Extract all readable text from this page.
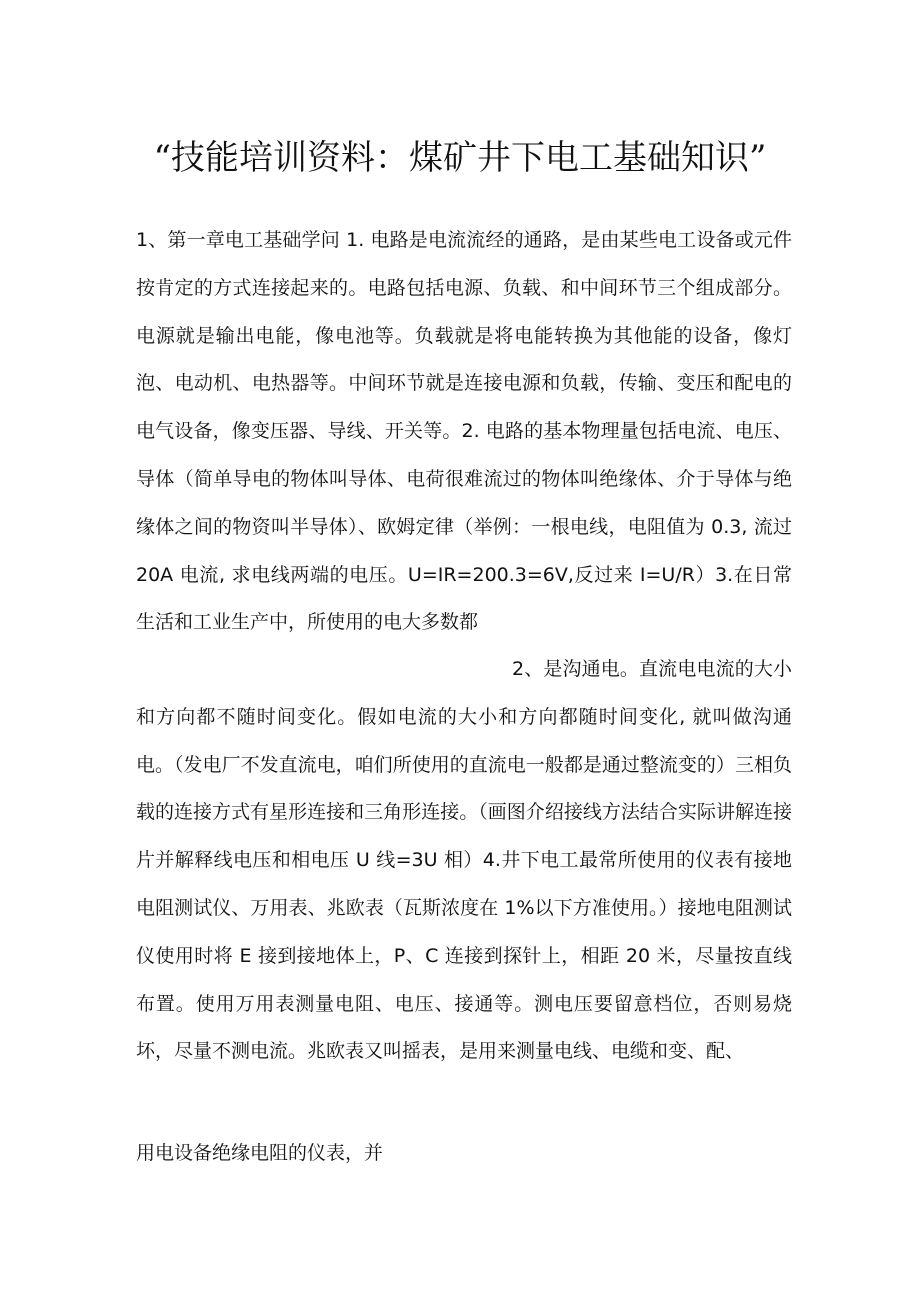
“技能培训资料：煤矿井下电工基础知识”

1、第一章电工基础学问 1. 电路是电流流经的通路，是由某些电工设备或元件按肯定的方式连接起来的。电路包括电源、负载、和中间环节三个组成部分。电源就是输出电能，像电池等。负载就是将电能转换为其他能的设备，像灯泡、电动机、电热器等。中间环节就是连接电源和负载，传输、变压和配电的电气设备，像变压器、导线、开关等。2. 电路的基本物理量包括电流、电压、导体（简单导电的物体叫导体、电荷很难流过的物体叫绝缘体、介于导体与绝缘体之间的物资叫半导体）、欧姆定律（举例：一根电线，电阻值为 0.3, 流过 20A 电流, 求电线两端的电压。U=IR=200.3=6V,反过来 I=U/R）3.在日常生活和工业生产中，所使用的电大多数都

2、是沟通电。直流电电流的大小和方向都不随时间变化。假如电流的大小和方向都随时间变化, 就叫做沟通电。（发电厂不发直流电，咱们所使用的直流电一般都是通过整流变的）三相负载的连接方式有星形连接和三角形连接。（画图介绍接线方法结合实际讲解连接片并解释线电压和相电压 U 线=3U 相）4.井下电工最常所使用的仪表有接地电阻测试仪、万用表、兆欧表（瓦斯浓度在 1%以下方准使用。）接地电阻测试仪使用时将 E 接到接地体上，P、C 连接到探针上，相距 20 米，尽量按直线布置。使用万用表测量电阻、电压、接通等。测电压要留意档位，否则易烧坏，尽量不测电流。兆欧表又叫摇表，是用来测量电线、电缆和变、配、

用电设备绝缘电阻的仪表，并
